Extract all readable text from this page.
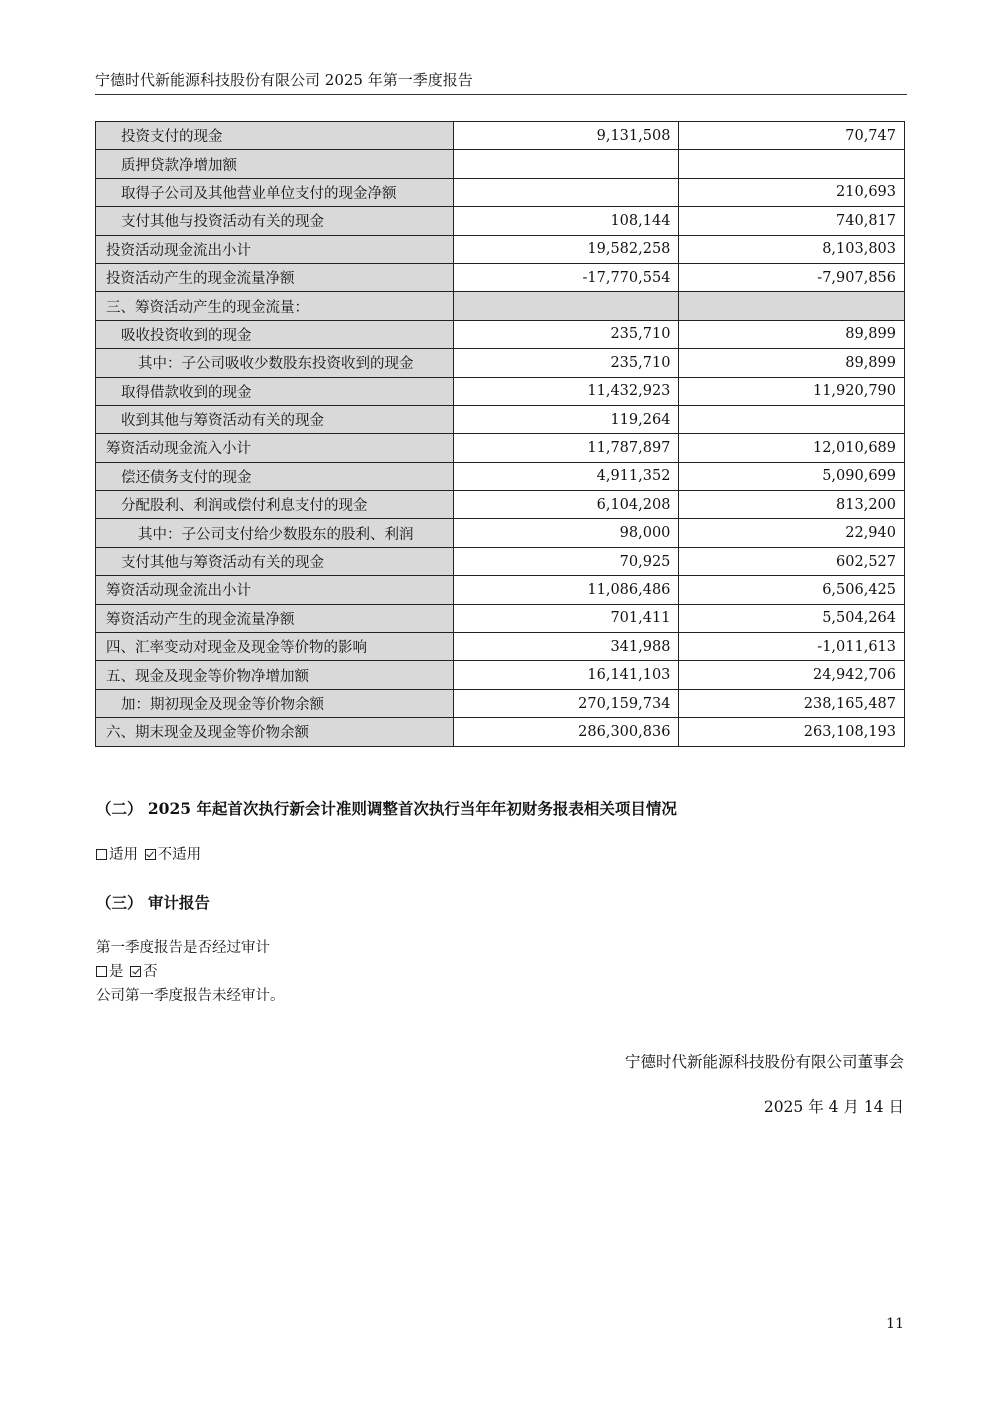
宁德时代新能源科技股份有限公司 2025 年第一季度报告
投资支付的现金	9,131,508	70,747
质押贷款净增加额		
取得子公司及其他营业单位支付的现金净额		210,693
支付其他与投资活动有关的现金	108,144	740,817
投资活动现金流出小计	19,582,258	8,103,803
投资活动产生的现金流量净额	-17,770,554	-7,907,856
三、筹资活动产生的现金流量：		
吸收投资收到的现金	235,710	89,899
其中：子公司吸收少数股东投资收到的现金	235,710	89,899
取得借款收到的现金	11,432,923	11,920,790
收到其他与筹资活动有关的现金	119,264	
筹资活动现金流入小计	11,787,897	12,010,689
偿还债务支付的现金	4,911,352	5,090,699
分配股利、利润或偿付利息支付的现金	6,104,208	813,200
其中：子公司支付给少数股东的股利、利润	98,000	22,940
支付其他与筹资活动有关的现金	70,925	602,527
筹资活动现金流出小计	11,086,486	6,506,425
筹资活动产生的现金流量净额	701,411	5,504,264
四、汇率变动对现金及现金等价物的影响	341,988	-1,011,613
五、现金及现金等价物净增加额	16,141,103	24,942,706
加：期初现金及现金等价物余额	270,159,734	238,165,487
六、期末现金及现金等价物余额	286,300,836	263,108,193
（二） 2025 年起首次执行新会计准则调整首次执行当年年初财务报表相关项目情况
适用 不适用
（三） 审计报告
第一季度报告是否经过审计
是 否
公司第一季度报告未经审计。
宁德时代新能源科技股份有限公司董事会
2025 年 4 月 14 日
11
